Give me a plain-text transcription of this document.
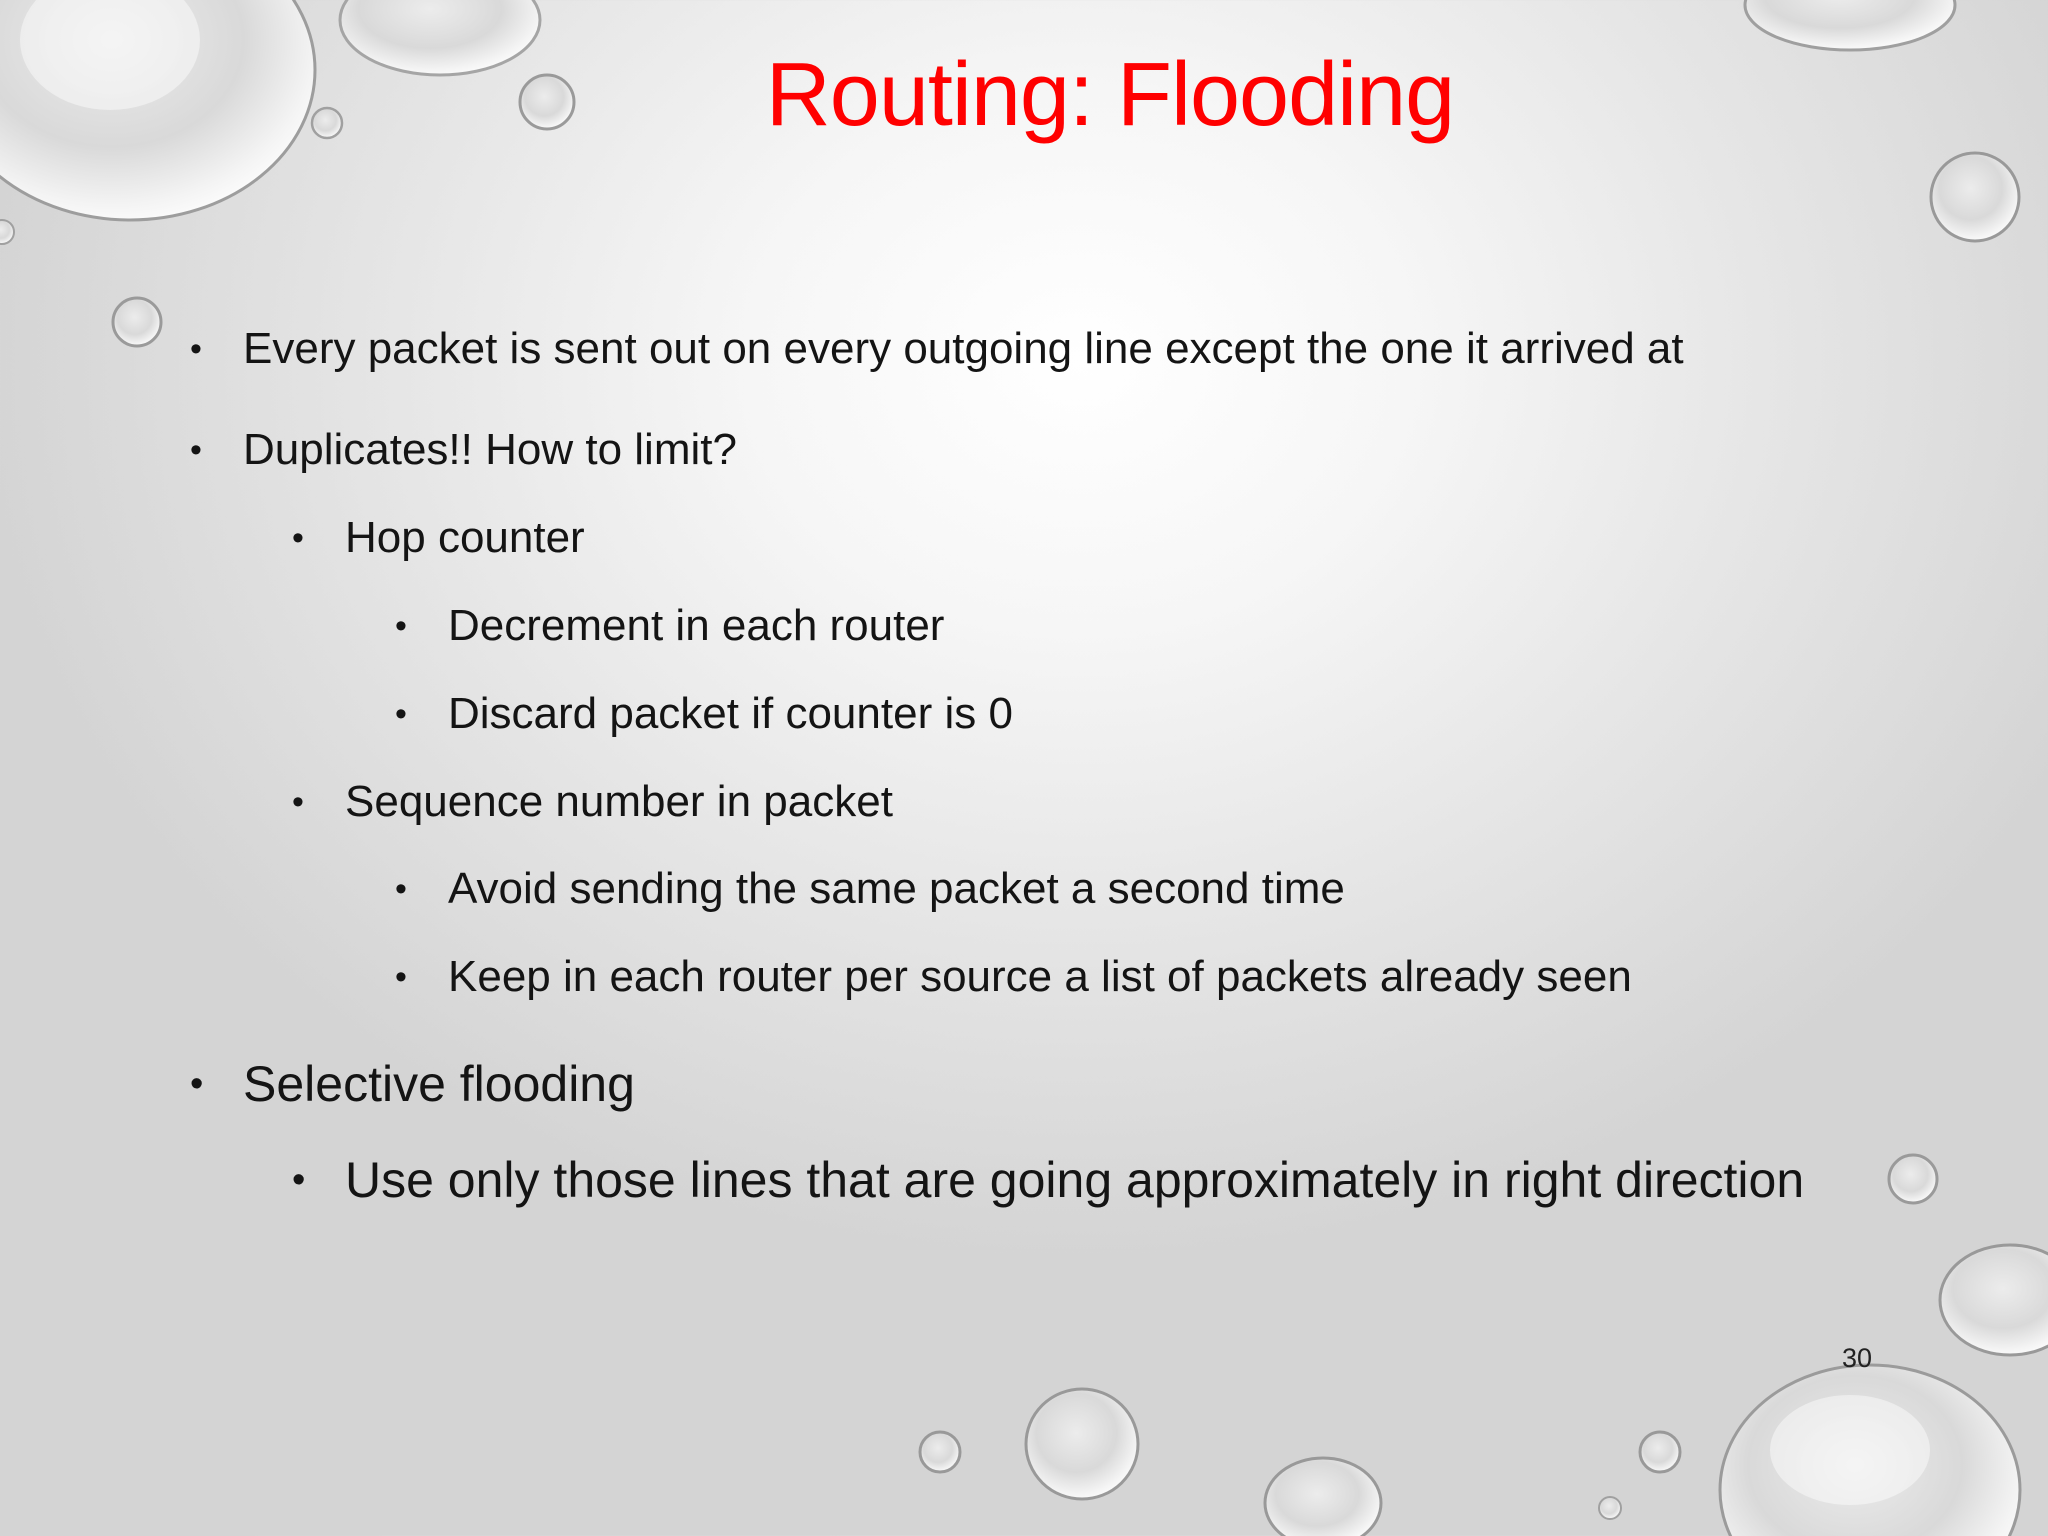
Routing: Flooding
• Every packet is sent out on every outgoing line except the one it arrived at
• Duplicates!! How to limit?
• Hop counter
• Decrement in each router
• Discard packet if counter is 0
• Sequence number in packet
• Avoid sending the same packet a second time
• Keep in each router per source a list of packets already seen
• Selective flooding
• Use only those lines that are going approximately in right direction
30
